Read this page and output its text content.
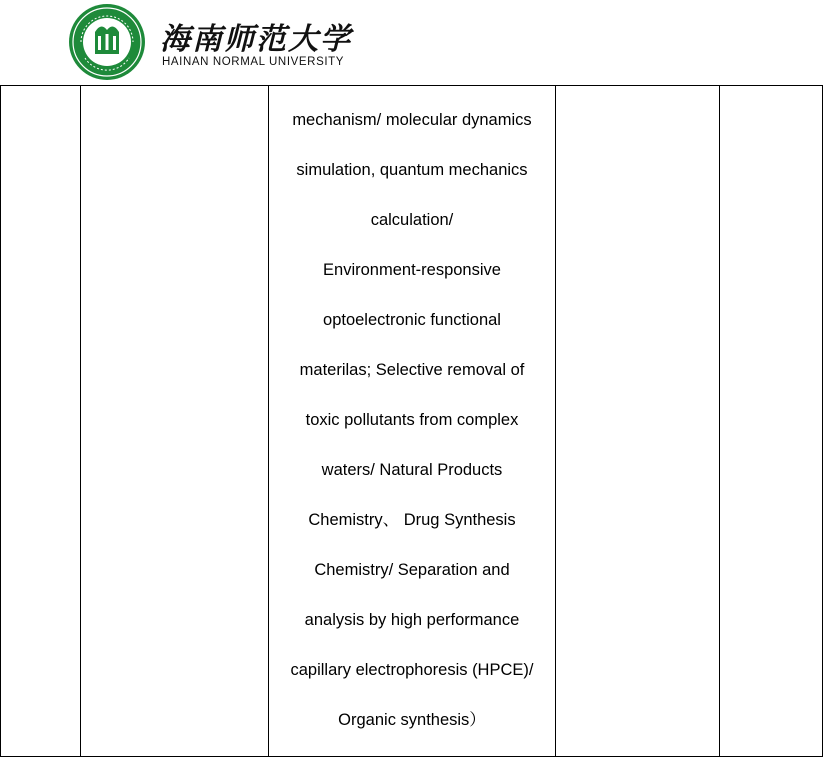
海南师范大学
HAINAN NORMAL UNIVERSITY

mechanism/ molecular dynamics
simulation, quantum mechanics
calculation/
Environment-responsive
optoelectronic functional
materilas; Selective removal of
toxic pollutants from complex
waters/ Natural Products
Chemistry、 Drug Synthesis
Chemistry/ Separation and
analysis by high performance
capillary electrophoresis (HPCE)/
Organic synthesis）
